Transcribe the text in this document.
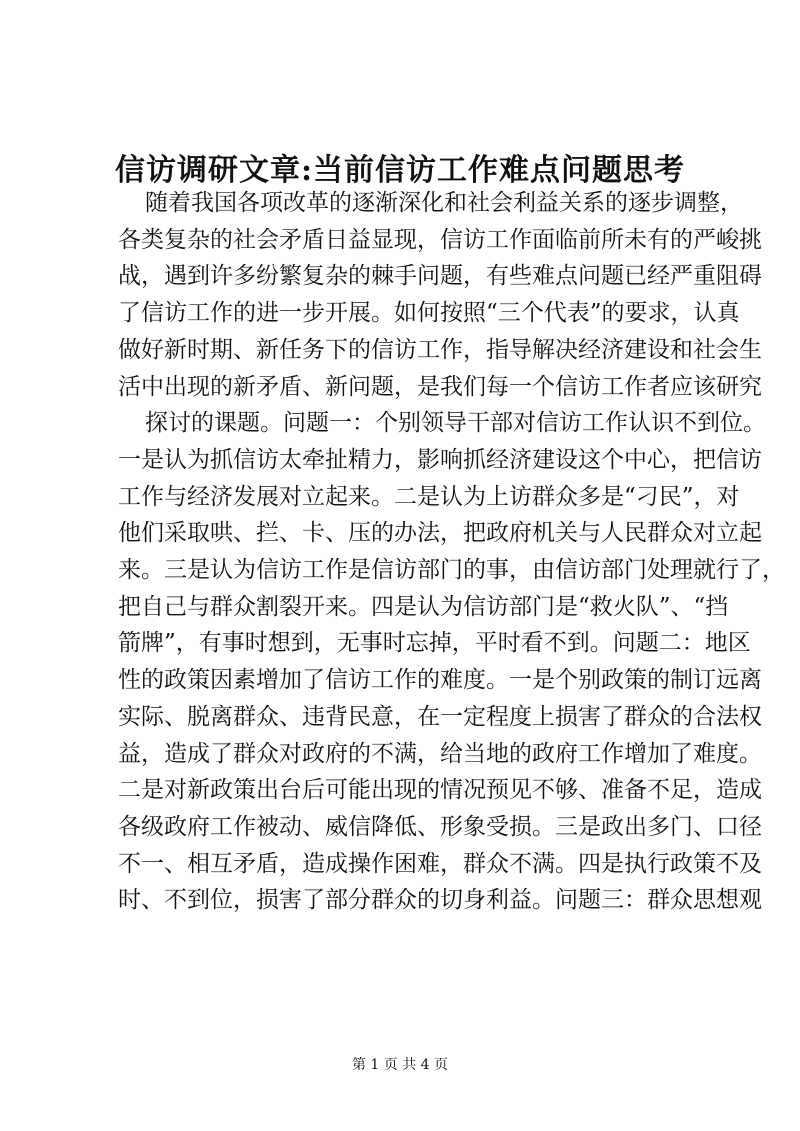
信访调研文章:当前信访工作难点问题思考

随着我国各项改革的逐渐深化和社会利益关系的逐步调整，
各类复杂的社会矛盾日益显现，信访工作面临前所未有的严峻挑
战，遇到许多纷繁复杂的棘手问题，有些难点问题已经严重阻碍
了信访工作的进一步开展。如何按照“三个代表”的要求，认真
做好新时期、新任务下的信访工作，指导解决经济建设和社会生
活中出现的新矛盾、新问题，是我们每一个信访工作者应该研究

探讨的课题。问题一：个别领导干部对信访工作认识不到位。
一是认为抓信访太牵扯精力，影响抓经济建设这个中心，把信访
工作与经济发展对立起来。二是认为上访群众多是“刁民”，对
他们采取哄、拦、卡、压的办法，把政府机关与人民群众对立起
来。三是认为信访工作是信访部门的事，由信访部门处理就行了，
把自己与群众割裂开来。四是认为信访部门是“救火队”、“挡
箭牌”，有事时想到，无事时忘掉，平时看不到。问题二：地区
性的政策因素增加了信访工作的难度。一是个别政策的制订远离
实际、脱离群众、违背民意，在一定程度上损害了群众的合法权
益，造成了群众对政府的不满，给当地的政府工作增加了难度。
二是对新政策出台后可能出现的情况预见不够、准备不足，造成
各级政府工作被动、威信降低、形象受损。三是政出多门、口径
不一、相互矛盾，造成操作困难，群众不满。四是执行政策不及
时、不到位，损害了部分群众的切身利益。问题三：群众思想观

第 1 页 共 4 页
